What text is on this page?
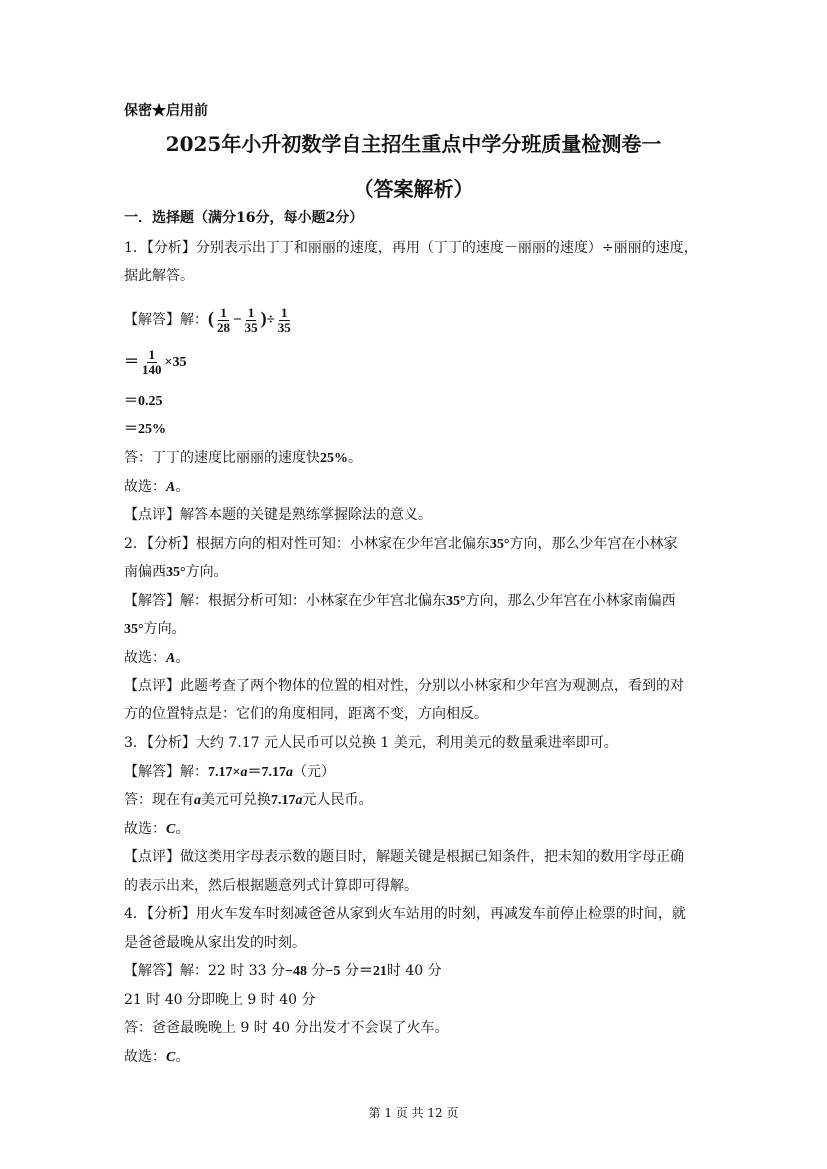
保密★启用前
2025年小升初数学自主招生重点中学分班质量检测卷一
（答案解析）
一．选择题（满分16分，每小题2分）
1．【分析】分别表示出丁丁和丽丽的速度，再用（丁丁的速度－丽丽的速度）÷丽丽的速度，
据此解答。
【解答】解：( $\frac{1}{28} - \frac{1}{35}$ )÷ $\frac{1}{35}$
＝ $\frac{1}{140} \times 35$
＝0.25
＝25%
答：丁丁的速度比丽丽的速度快25%。
故选：A。
【点评】解答本题的关键是熟练掌握除法的意义。
2．【分析】根据方向的相对性可知：小林家在少年宫北偏东35°方向，那么少年宫在小林家
南偏西35°方向。
【解答】解：根据分析可知：小林家在少年宫北偏东35°方向，那么少年宫在小林家南偏西
35°方向。
故选：A。
【点评】此题考查了两个物体的位置的相对性，分别以小林家和少年宫为观测点，看到的对
方的位置特点是：它们的角度相同，距离不变，方向相反。
3．【分析】大约 7.17 元人民币可以兑换 1 美元，利用美元的数量乘进率即可。
【解答】解：7.17×a＝7.17a（元）
答：现在有a美元可兑换7.17a元人民币。
故选：C。
【点评】做这类用字母表示数的题目时，解题关键是根据已知条件，把未知的数用字母正确
的表示出来，然后根据题意列式计算即可得解。
4．【分析】用火车发车时刻减爸爸从家到火车站用的时刻，再减发车前停止检票的时间，就
是爸爸最晚从家出发的时刻。
【解答】解：22 时 33 分−48 分−5 分＝21时 40 分
21 时 40 分即晚上 9 时 40 分
答：爸爸最晚晚上 9 时 40 分出发才不会误了火车。
故选：C。
第 1 页 共 12 页
